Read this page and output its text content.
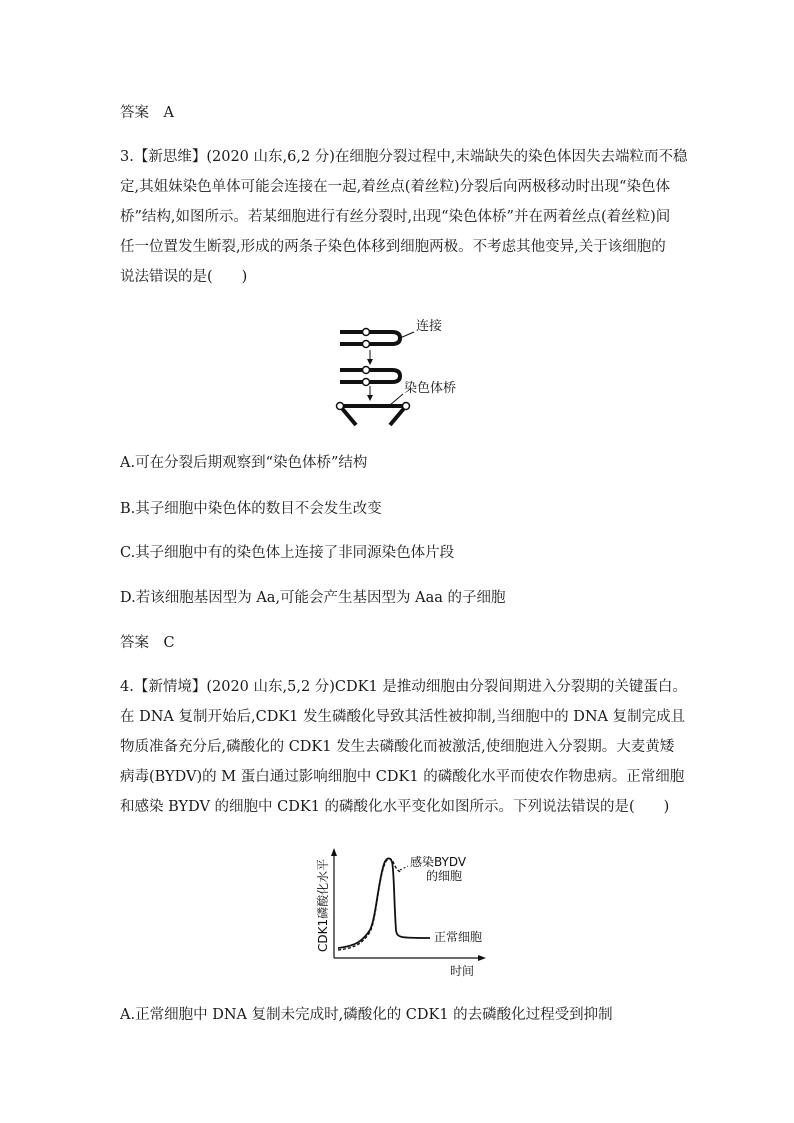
答案　A
3.【新思维】(2020 山东,6,2 分)在细胞分裂过程中,末端缺失的染色体因失去端粒而不稳
定,其姐妹染色单体可能会连接在一起,着丝点(着丝粒)分裂后向两极移动时出现“染色体
桥”结构,如图所示。若某细胞进行有丝分裂时,出现“染色体桥”并在两着丝点(着丝粒)间
任一位置发生断裂,形成的两条子染色体移到细胞两极。不考虑其他变异,关于该细胞的
说法错误的是(　　)
连接
染色体桥
A.可在分裂后期观察到“染色体桥”结构
B.其子细胞中染色体的数目不会发生改变
C.其子细胞中有的染色体上连接了非同源染色体片段
D.若该细胞基因型为 Aa,可能会产生基因型为 Aaa 的子细胞
答案　C
4.【新情境】(2020 山东,5,2 分)CDK1 是推动细胞由分裂间期进入分裂期的关键蛋白。
在 DNA 复制开始后,CDK1 发生磷酸化导致其活性被抑制,当细胞中的 DNA 复制完成且
物质准备充分后,磷酸化的 CDK1 发生去磷酸化而被激活,使细胞进入分裂期。大麦黄矮
病毒(BYDV)的 M 蛋白通过影响细胞中 CDK1 的磷酸化水平而使农作物患病。正常细胞
和感染 BYDV 的细胞中 CDK1 的磷酸化水平变化如图所示。下列说法错误的是(　　)
CDK1磷酸化水平
时间
感染BYDV
的细胞
正常细胞
A.正常细胞中 DNA 复制未完成时,磷酸化的 CDK1 的去磷酸化过程受到抑制
